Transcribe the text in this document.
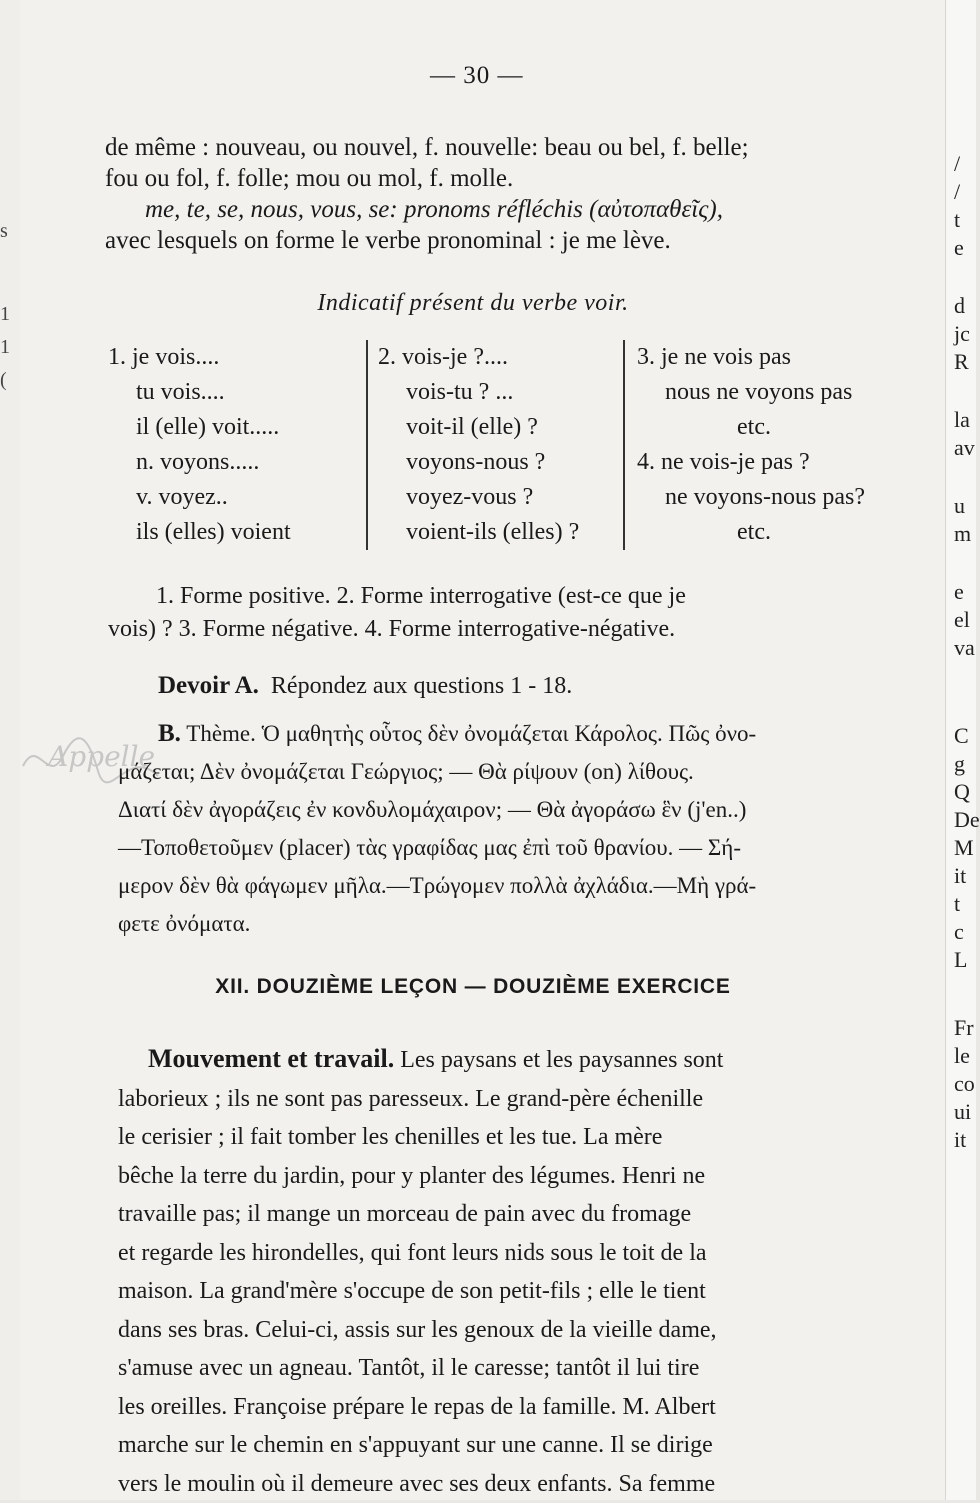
— 30 —
de même : nouveau, ou nouvel, f. nouvelle: beau ou bel, f. belle;
fou ou fol, f. folle; mou ou mol, f. molle.
me, te, se, nous, vous, se: pronoms réfléchis (αὐτοπαθεῖς),
avec lesquels on forme le verbe pronominal : je me lève.
Indicatif présent du verbe voir.
1. je vois....
tu vois....
il (elle) voit.....
n. voyons.....
v. voyez..
ils (elles) voient
2. vois-je ?....
vois-tu ? ...
voit-il (elle) ?
voyons-nous ?
voyez-vous ?
voient-ils (elles) ?
3. je ne vois pas
nous ne voyons pas
etc.
4. ne vois-je pas ?
ne voyons-nous pas?
etc.
1. Forme positive. 2. Forme interrogative (est-ce que je
vois) ? 3. Forme négative. 4. Forme interrogative-négative.
Devoir A. Répondez aux questions 1 - 18.
Appelle
B. Thème. Ὁ μαθητὴς οὗτος δὲν ὀνομάζεται Κάρολος. Πῶς ὀνο-
μάζεται; Δὲν ὀνομάζεται Γεώργιος; — Θὰ ρίψουν (on) λίθους.
Διατί δὲν ἀγοράζεις ἐν κονδυλομάχαιρον; — Θὰ ἀγοράσω ἓν (j'en..)
—Τοποθετοῦμεν (placer) τὰς γραφίδας μας ἐπὶ τοῦ θρανίου. — Σή-
μερον δὲν θὰ φάγωμεν μῆλα.—Τρώγομεν πολλὰ ἀχλάδια.—Μὴ γρά-
φετε ὀνόματα.
XII. DOUZIÈME LEÇON — DOUZIÈME EXERCICE
Mouvement et travail. Les paysans et les paysannes sont
laborieux ; ils ne sont pas paresseux. Le grand-père échenille
le cerisier ; il fait tomber les chenilles et les tue. La mère
bêche la terre du jardin, pour y planter des légumes. Henri ne
travaille pas; il mange un morceau de pain avec du fromage
et regarde les hirondelles, qui font leurs nids sous le toit de la
maison. La grand'mère s'occupe de son petit-fils ; elle le tient
dans ses bras. Celui-ci, assis sur les genoux de la vieille dame,
s'amuse avec un agneau. Tantôt, il le caresse; tantôt il lui tire
les oreilles. Françoise prépare le repas de la famille. M. Albert
marche sur le chemin en s'appuyant sur une canne. Il se dirige
vers le moulin où il demeure avec ses deux enfants. Sa femme
s
1
1
(
/
/
t
e
d
jc
R
la
av
u
m
e
el
va
C
g
Q
De
M
it
t
c
L
Fr
le
co
ui
it
